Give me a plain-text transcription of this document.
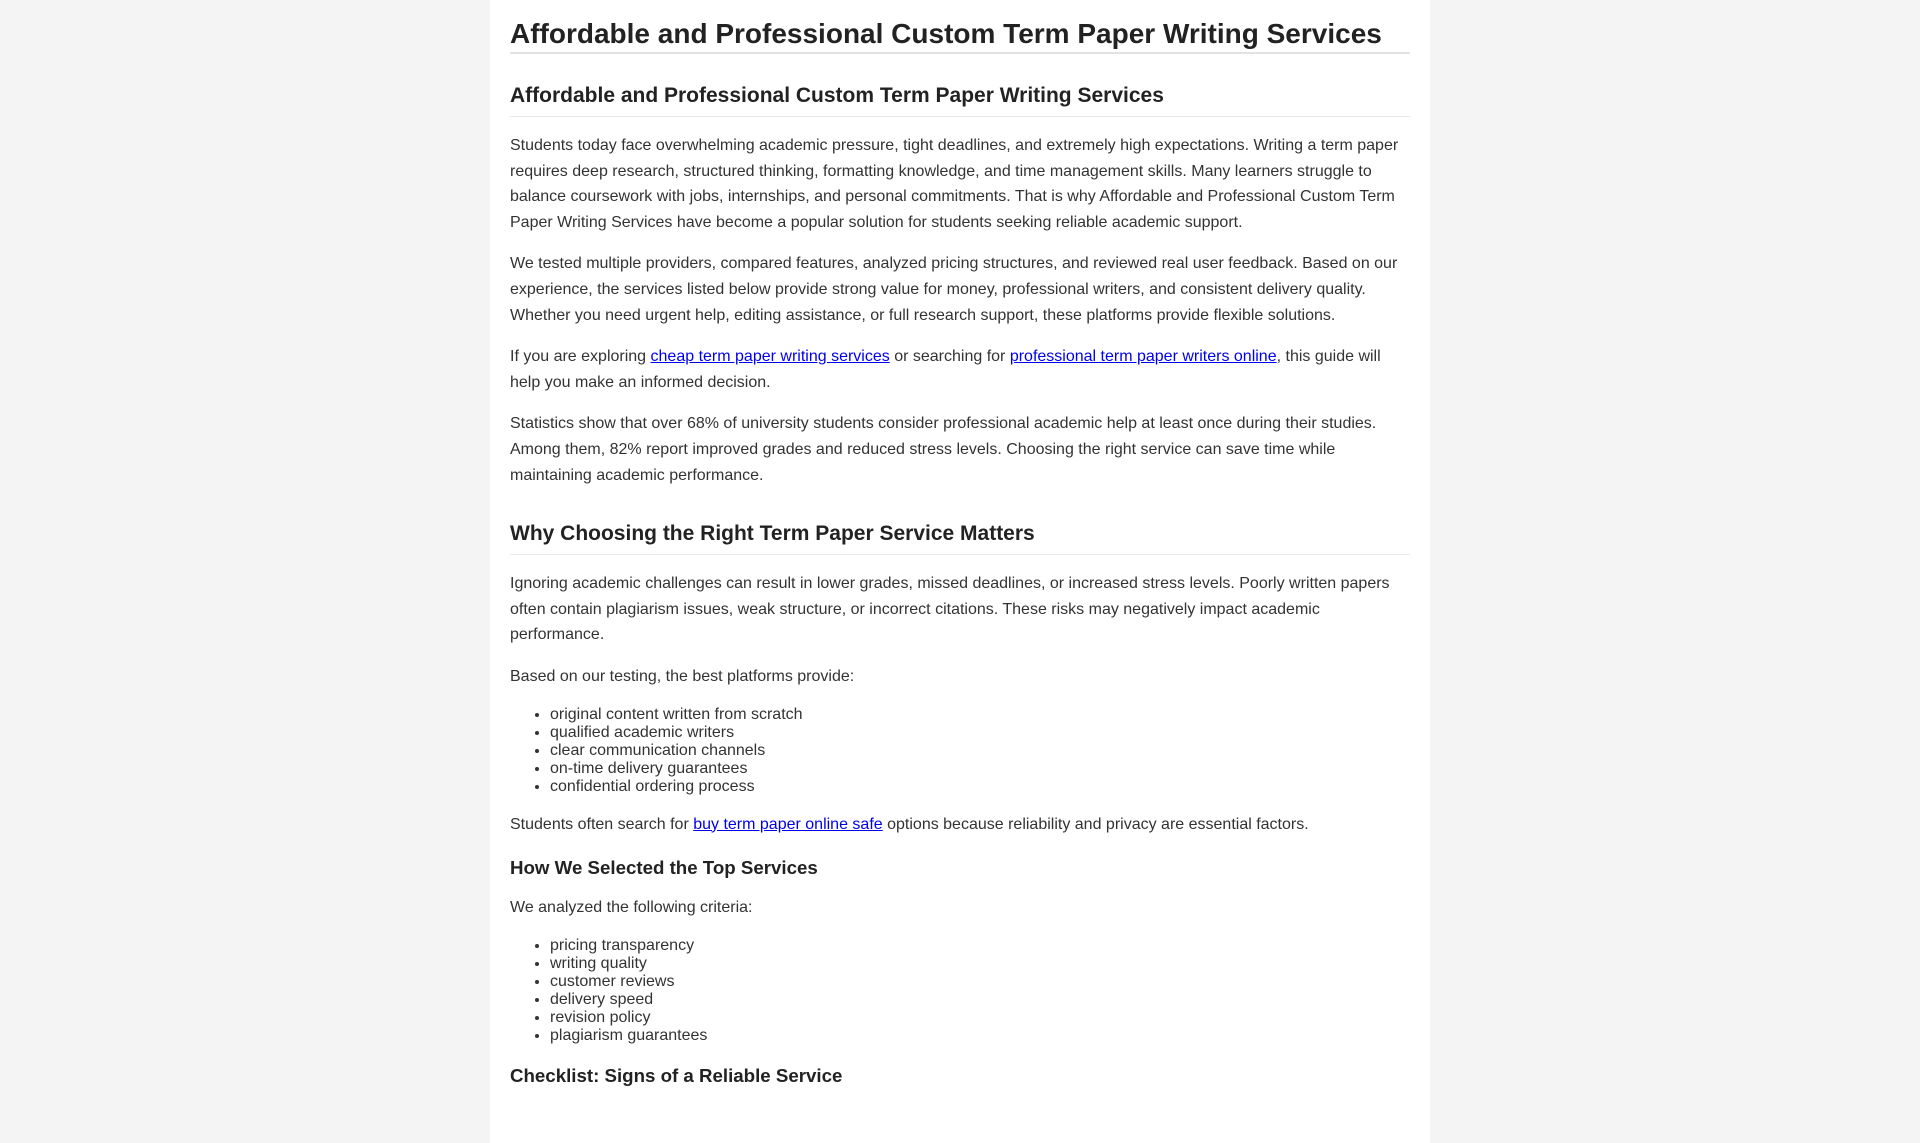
Affordable and Professional Custom Term Paper Writing Services
Affordable and Professional Custom Term Paper Writing Services

Students today face overwhelming academic pressure, tight deadlines, and extremely high expectations. Writing a term paper requires deep research, structured thinking, formatting knowledge, and time management skills. Many learners struggle to balance coursework with jobs, internships, and personal commitments. That is why Affordable and Professional Custom Term Paper Writing Services have become a popular solution for students seeking reliable academic support.

We tested multiple providers, compared features, analyzed pricing structures, and reviewed real user feedback. Based on our experience, the services listed below provide strong value for money, professional writers, and consistent delivery quality. Whether you need urgent help, editing assistance, or full research support, these platforms provide flexible solutions.

If you are exploring cheap term paper writing services or searching for professional term paper writers online, this guide will help you make an informed decision.

Statistics show that over 68% of university students consider professional academic help at least once during their studies. Among them, 82% report improved grades and reduced stress levels. Choosing the right service can save time while maintaining academic performance.

Why Choosing the Right Term Paper Service Matters

Ignoring academic challenges can result in lower grades, missed deadlines, or increased stress levels. Poorly written papers often contain plagiarism issues, weak structure, or incorrect citations. These risks may negatively impact academic performance.

Based on our testing, the best platforms provide:

• original content written from scratch
• qualified academic writers
• clear communication channels
• on-time delivery guarantees
• confidential ordering process

Students often search for buy term paper online safe options because reliability and privacy are essential factors.

How We Selected the Top Services

We analyzed the following criteria:

• pricing transparency
• writing quality
• customer reviews
• delivery speed
• revision policy
• plagiarism guarantees
Checklist: Signs of a Reliable Service
